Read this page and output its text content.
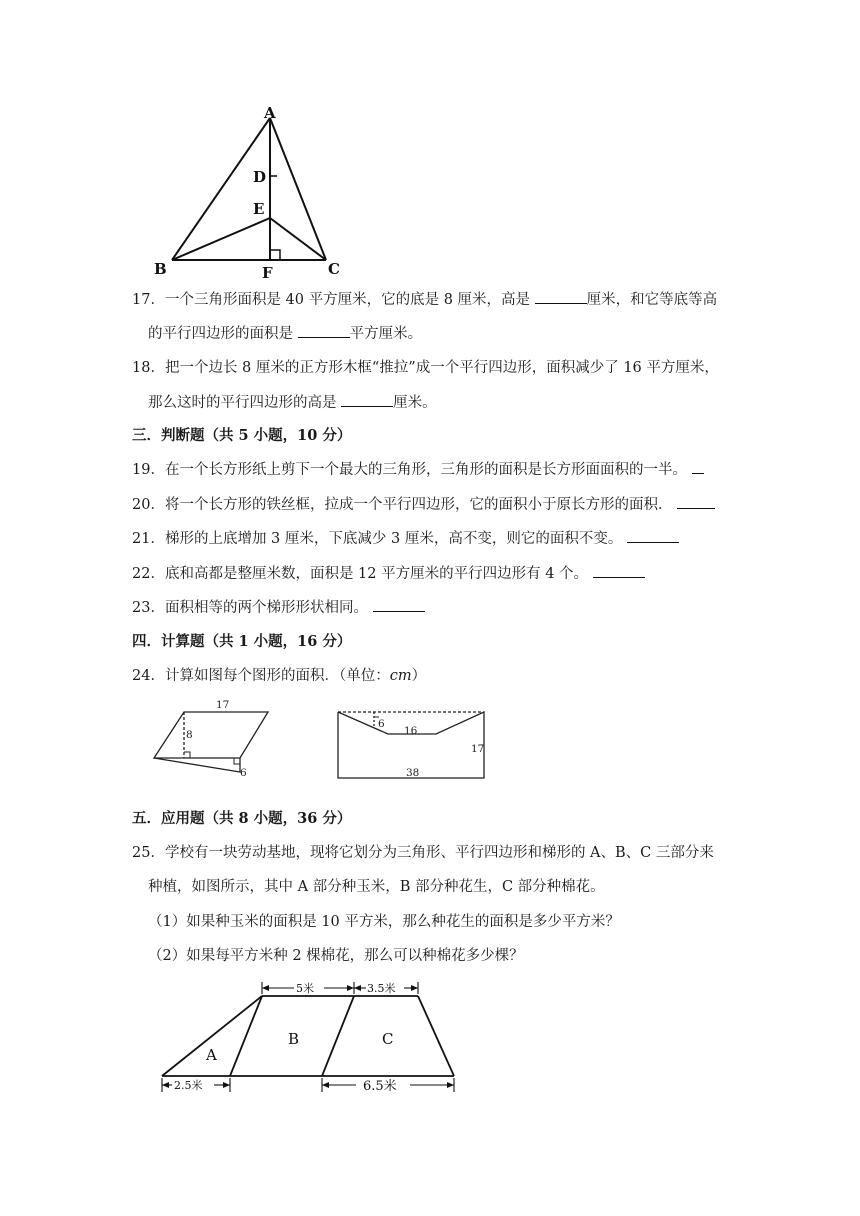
A
D
E
B	F	C
17．一个三角形面积是 40 平方厘米，它的底是 8 厘米，高是	厘米，和它等底等高
的平行四边形的面积是	平方厘米。
18．把一个边长 8 厘米的正方形木框“推拉”成一个平行四边形，面积减少了 16 平方厘米，
那么这时的平行四边形的高是	厘米。
三．判断题（共 5 小题，10 分）
19．在一个长方形纸上剪下一个最大的三角形，三角形的面积是长方形面面积的一半。
20．将一个长方形的铁丝框，拉成一个平行四边形，它的面积小于原长方形的面积．
21．梯形的上底增加 3 厘米，下底减少 3 厘米，高不变，则它的面积不变。
22．底和高都是整厘米数，面积是 12 平方厘米的平行四边形有 4 个。
23．面积相等的两个梯形形状相同。
四．计算题（共 1 小题，16 分）
24．计算如图每个图形的面积．（单位：cm）
17
8
6
6
16
17
38
五．应用题（共 8 小题，36 分）
25．学校有一块劳动基地，现将它划分为三角形、平行四边形和梯形的 A、B、C 三部分来
种植，如图所示，其中 A 部分种玉米，B 部分种花生，C 部分种棉花。
（1）如果种玉米的面积是 10 平方米，那么种花生的面积是多少平方米？
（2）如果每平方米种 2 棵棉花，那么可以种棉花多少棵？
5米	3.5米
2.5米	6.5米
A
B	C
